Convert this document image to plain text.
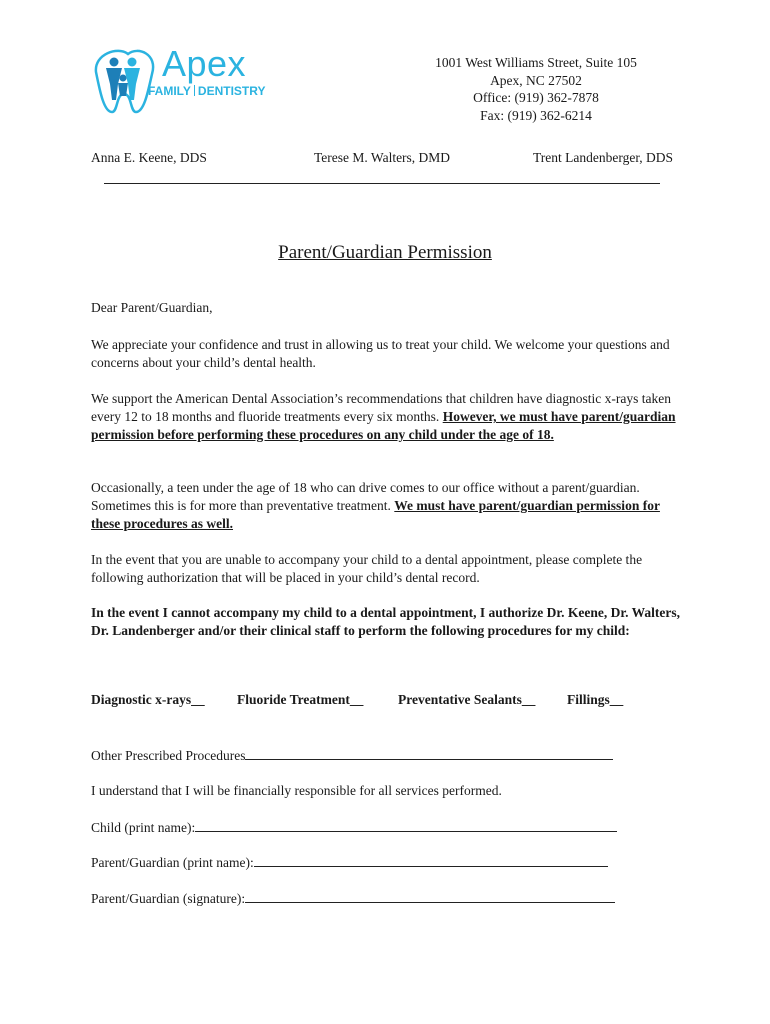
Apex
FAMILY DENTISTRY
1001 West Williams Street, Suite 105
Apex, NC 27502
Office: (919) 362-7878
Fax: (919) 362-6214
Anna E. Keene, DDS	Terese M. Walters, DMD	Trent Landenberger, DDS
Parent/Guardian Permission
Dear Parent/Guardian,
We appreciate your confidence and trust in allowing us to treat your child. We welcome your questions and concerns about your child’s dental health.
We support the American Dental Association’s recommendations that children have diagnostic x-rays taken every 12 to 18 months and fluoride treatments every six months. However, we must have parent/guardian permission before performing these procedures on any child under the age of 18.
Occasionally, a teen under the age of 18 who can drive comes to our office without a parent/guardian. Sometimes this is for more than preventative treatment. We must have parent/guardian permission for these procedures as well.
In the event that you are unable to accompany your child to a dental appointment, please complete the following authorization that will be placed in your child’s dental record.
In the event I cannot accompany my child to a dental appointment, I authorize Dr. Keene, Dr. Walters, Dr. Landenberger and/or their clinical staff to perform the following procedures for my child:
Diagnostic x-rays__ Fluoride Treatment__	Preventative Sealants__ Fillings__
Other Prescribed Procedures
I understand that I will be financially responsible for all services performed.
Child (print name):
Parent/Guardian (print name):
Parent/Guardian (signature):
